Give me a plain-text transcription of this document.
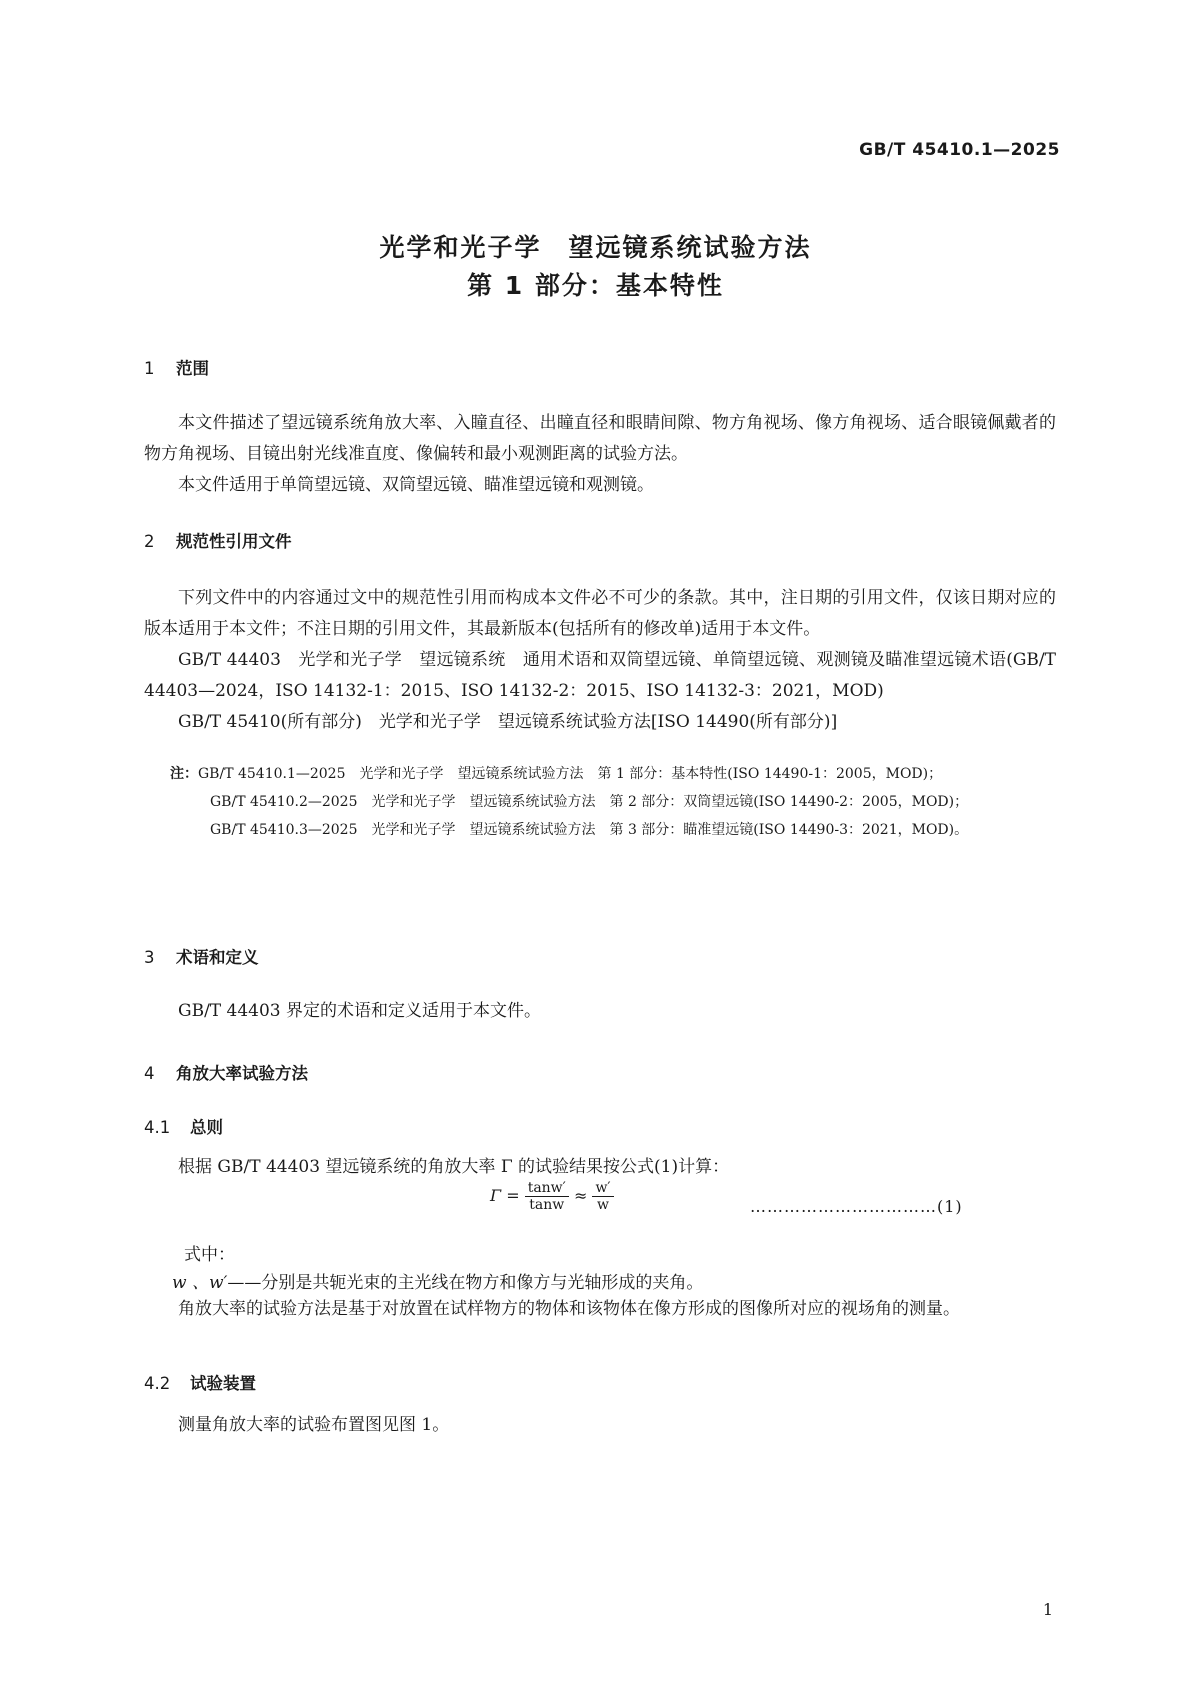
GB/T 45410.1—2025
光学和光子学　望远镜系统试验方法
第 1 部分：基本特性
1 范围

本文件描述了望远镜系统角放大率、入瞳直径、出瞳直径和眼睛间隙、物方角视场、像方角视场、适合眼镜佩戴者的物方角视场、目镜出射光线准直度、像偏转和最小观测距离的试验方法。

本文件适用于单筒望远镜、双筒望远镜、瞄准望远镜和观测镜。

2 规范性引用文件

下列文件中的内容通过文中的规范性引用而构成本文件必不可少的条款。其中，注日期的引用文件，仅该日期对应的版本适用于本文件；不注日期的引用文件，其最新版本(包括所有的修改单)适用于本文件。

GB/T 44403　光学和光子学　望远镜系统　通用术语和双筒望远镜、单筒望远镜、观测镜及瞄准望远镜术语(GB/T 44403—2024，ISO 14132-1：2015、ISO 14132-2：2015、ISO 14132-3：2021，MOD)

GB/T 45410(所有部分)　光学和光子学　望远镜系统试验方法[ISO 14490(所有部分)]

注：GB/T 45410.1—2025　光学和光子学　望远镜系统试验方法　第 1 部分：基本特性(ISO 14490-1：2005，MOD)；
GB/T 45410.2—2025　光学和光子学　望远镜系统试验方法　第 2 部分：双筒望远镜(ISO 14490-2：2005，MOD)；
GB/T 45410.3—2025　光学和光子学　望远镜系统试验方法　第 3 部分：瞄准望远镜(ISO 14490-3：2021，MOD)。
3 术语和定义

GB/T 44403 界定的术语和定义适用于本文件。

4 角放大率试验方法
4.1 总则

根据 GB/T 44403 望远镜系统的角放大率 Γ 的试验结果按公式(1)计算：

$\Gamma = \frac{\tan w'}{\tan w} \approx \frac{w'}{w}$	……………………………(1)
式中：
w 、w′——分别是共轭光束的主光线在物方和像方与光轴形成的夹角。

角放大率的试验方法是基于对放置在试样物方的物体和该物体在像方形成的图像所对应的视场角的测量。

4.2 试验装置

测量角放大率的试验布置图见图 1。

1
